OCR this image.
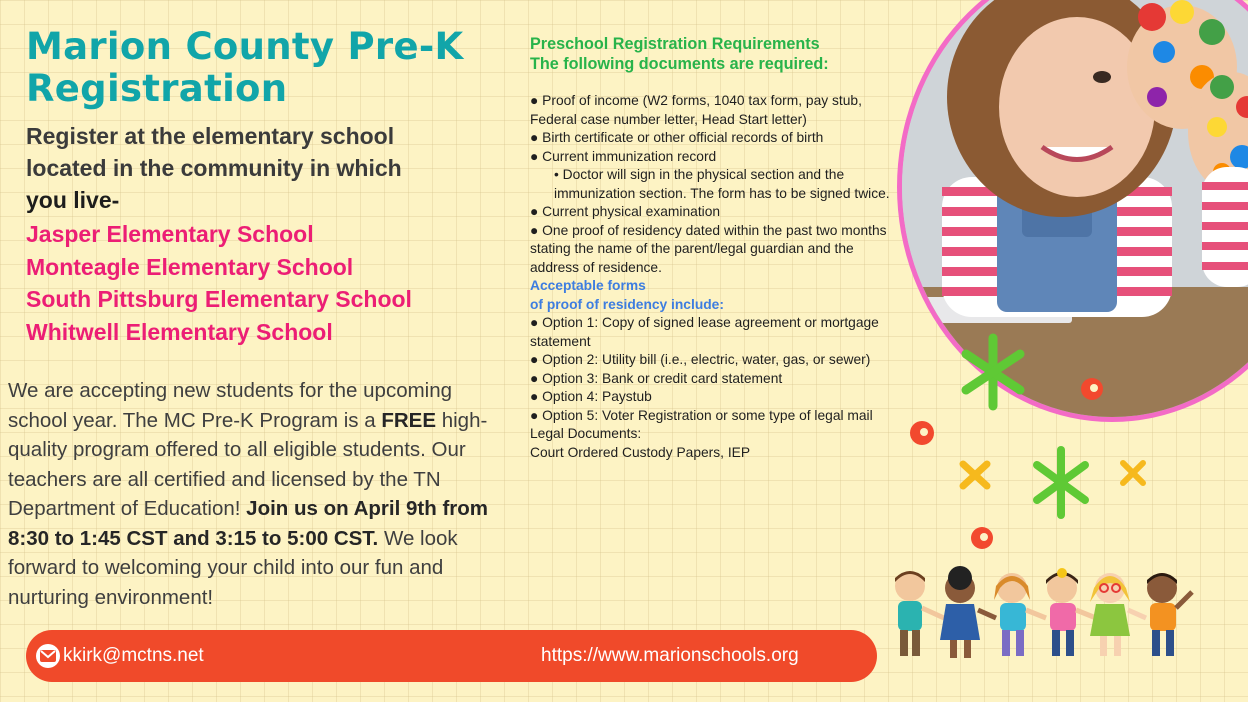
Marion County Pre-K Registration
Register at the elementary school
located in the community in which
you live-
Jasper Elementary School
Monteagle Elementary School
South Pittsburg Elementary School
Whitwell Elementary School
We are accepting new students for the upcoming school year. The MC Pre-K Program is a FREE high-quality program offered to all eligible students. Our teachers are all certified and licensed by the TN Department of Education! Join us on April 9th from 8:30 to 1:45 CST and 3:15 to 5:00 CST. We look forward to welcoming your child into our fun and nurturing environment!
Preschool Registration Requirements
The following documents are required:
● Proof of income (W2 forms, 1040 tax form, pay stub, Federal case number letter, Head Start letter)
● Birth certificate or other official records of birth
● Current immunization record
• Doctor will sign in the physical section and the immunization section. The form has to be signed twice.
● Current physical examination
● One proof of residency dated within the past two months stating the name of the parent/legal guardian and the address of residence.
Acceptable forms
of proof of residency include:
● Option 1: Copy of signed lease agreement or mortgage statement
● Option 2: Utility bill (i.e., electric, water, gas, or sewer)
● Option 3: Bank or credit card statement
● Option 4: Paystub
● Option 5: Voter Registration or some type of legal mail
Legal Documents:
Court Ordered Custody Papers, IEP
kkirk@mctns.net	https://www.marionschools.org
